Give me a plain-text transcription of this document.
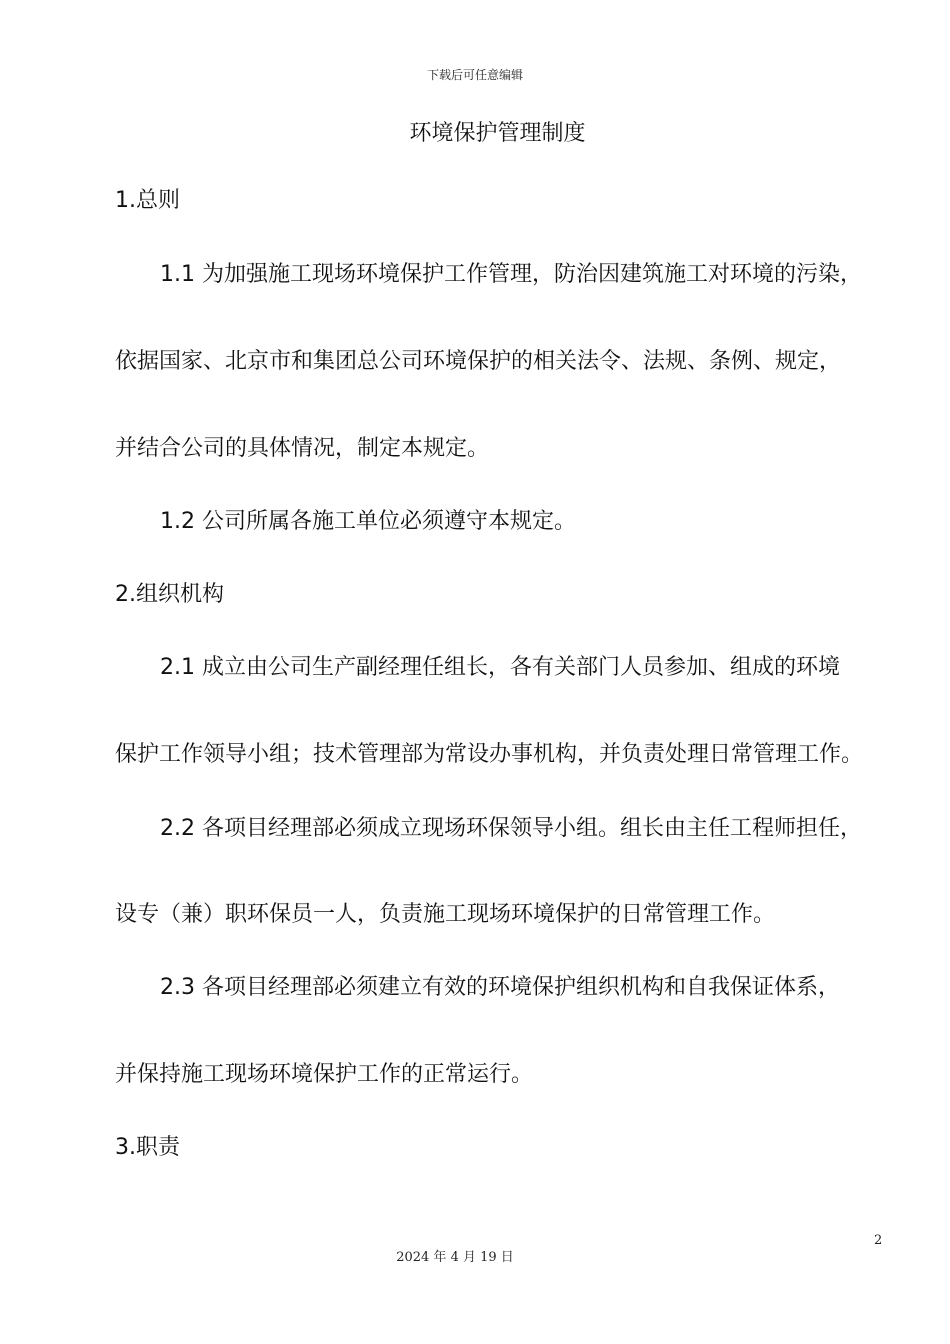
下载后可任意编辑
环境保护管理制度
1.总则
1.1 为加强施工现场环境保护工作管理，防治因建筑施工对环境的污染，
依据国家、北京市和集团总公司环境保护的相关法令、法规、条例、规定，
并结合公司的具体情况，制定本规定。
1.2 公司所属各施工单位必须遵守本规定。
2.组织机构
2.1 成立由公司生产副经理任组长，各有关部门人员参加、组成的环境
保护工作领导小组；技术管理部为常设办事机构，并负责处理日常管理工作。
2.2 各项目经理部必须成立现场环保领导小组。组长由主任工程师担任，
设专（兼）职环保员一人，负责施工现场环境保护的日常管理工作。
2.3 各项目经理部必须建立有效的环境保护组织机构和自我保证体系，
并保持施工现场环境保护工作的正常运行。
3.职责
2
2024 年 4 月 19 日
